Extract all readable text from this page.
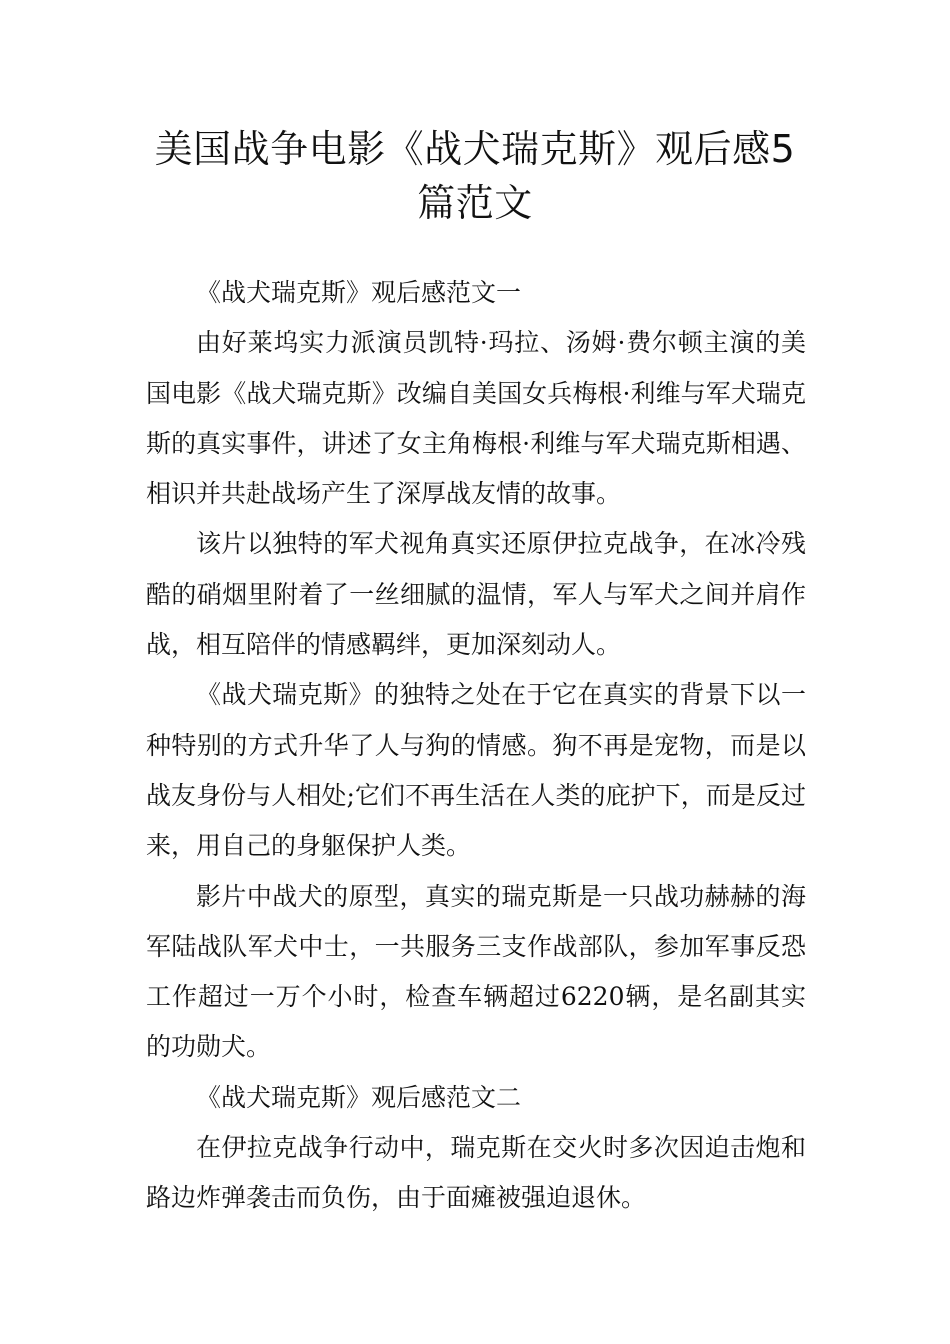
美国战争电影《战犬瑞克斯》观后感5篇范文

《战犬瑞克斯》观后感范文一

由好莱坞实力派演员凯特·玛拉、汤姆·费尔顿主演的美国电影《战犬瑞克斯》改编自美国女兵梅根·利维与军犬瑞克斯的真实事件，讲述了女主角梅根·利维与军犬瑞克斯相遇、相识并共赴战场产生了深厚战友情的故事。

该片以独特的军犬视角真实还原伊拉克战争，在冰冷残酷的硝烟里附着了一丝细腻的温情，军人与军犬之间并肩作战，相互陪伴的情感羁绊，更加深刻动人。

《战犬瑞克斯》的独特之处在于它在真实的背景下以一种特别的方式升华了人与狗的情感。狗不再是宠物，而是以战友身份与人相处;它们不再生活在人类的庇护下，而是反过来，用自己的身躯保护人类。

影片中战犬的原型，真实的瑞克斯是一只战功赫赫的海军陆战队军犬中士，一共服务三支作战部队，参加军事反恐工作超过一万个小时，检查车辆超过6220辆，是名副其实的功勋犬。

《战犬瑞克斯》观后感范文二

在伊拉克战争行动中，瑞克斯在交火时多次因迫击炮和路边炸弹袭击而负伤，由于面瘫被强迫退休。
